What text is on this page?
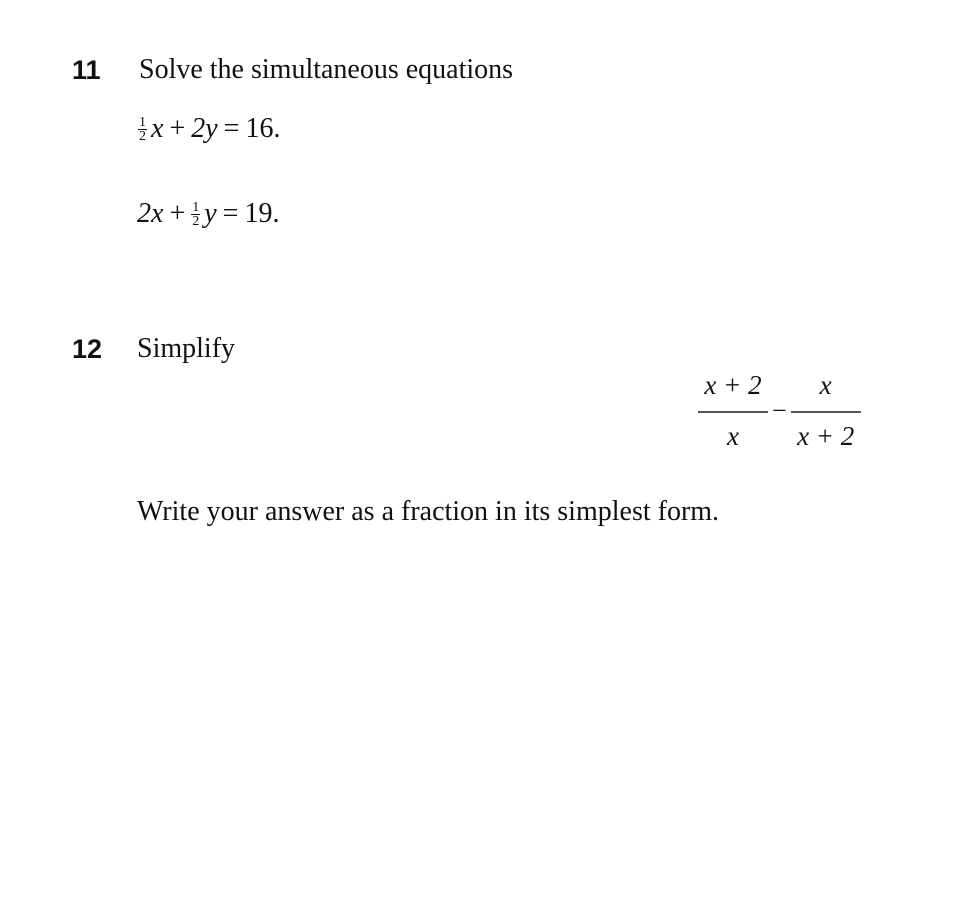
11 Solve the simultaneous equations
1
2 x + 2y = 16.
$2x + \frac{1}{2}$ y = 19.
12 Simplify
x + 2
x
− $\frac{x}{x + 2}$
Write your answer as a fraction in its simplest form.
